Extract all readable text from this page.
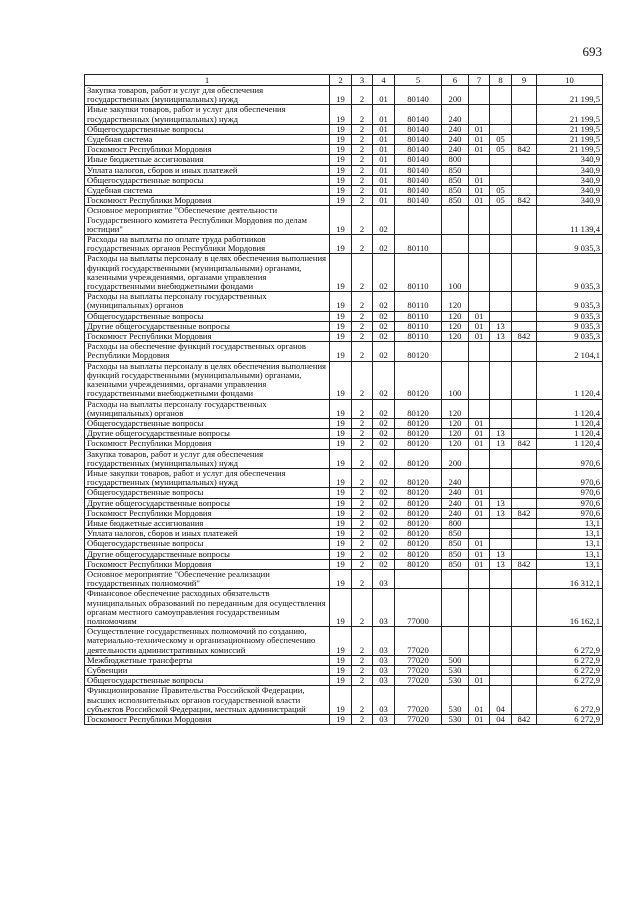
693
1	2	3	4	5	6	7	8	9	10
Закупка товаров, работ и услуг для обеспечения государственных (муниципальных) нужд	19	2	01	80140	200				21 199,5
Иные закупки товаров, работ и услуг для обеспечения государственных (муниципальных) нужд	19	2	01	80140	240				21 199,5
Общегосударственные вопросы	19	2	01	80140	240	01			21 199,5
Судебная система	19	2	01	80140	240	01	05		21 199,5
Госкомюст Республики Мордовия	19	2	01	80140	240	01	05	842	21 199,5
Иные бюджетные ассигнования	19	2	01	80140	800				340,9
Уплата налогов, сборов и иных платежей	19	2	01	80140	850				340,9
Общегосударственные вопросы	19	2	01	80140	850	01			340,9
Судебная система	19	2	01	80140	850	01	05		340,9
Госкомюст Республики Мордовия	19	2	01	80140	850	01	05	842	340,9
Основное мероприятие "Обеспечение деятельности Государственного комитета Республики Мордовия по делам юстиции"	19	2	02						11 139,4
Расходы на выплаты по оплате труда работников государственных органов Республики Мордовия	19	2	02	80110					9 035,3
Расходы на выплаты персоналу в целях обеспечения выполнения функций государственными (муниципальными) органами, казенными учреждениями, органами управления государственными внебюджетными фондами	19	2	02	80110	100				9 035,3
Расходы на выплаты персоналу государственных (муниципальных) органов	19	2	02	80110	120				9 035,3
Общегосударственные вопросы	19	2	02	80110	120	01			9 035,3
Другие общегосударственные вопросы	19	2	02	80110	120	01	13		9 035,3
Госкомюст Республики Мордовия	19	2	02	80110	120	01	13	842	9 035,3
Расходы на обеспечение функций государственных органов Республики Мордовия	19	2	02	80120					2 104,1
Расходы на выплаты персоналу в целях обеспечения выполнения функций государственными (муниципальными) органами, казенными учреждениями, органами управления государственными внебюджетными фондами	19	2	02	80120	100				1 120,4
Расходы на выплаты персоналу государственных (муниципальных) органов	19	2	02	80120	120				1 120,4
Общегосударственные вопросы	19	2	02	80120	120	01			1 120,4
Другие общегосударственные вопросы	19	2	02	80120	120	01	13		1 120,4
Госкомюст Республики Мордовия	19	2	02	80120	120	01	13	842	1 120,4
Закупка товаров, работ и услуг для обеспечения государственных (муниципальных) нужд	19	2	02	80120	200				970,6
Иные закупки товаров, работ и услуг для обеспечения государственных (муниципальных) нужд	19	2	02	80120	240				970,6
Общегосударственные вопросы	19	2	02	80120	240	01			970,6
Другие общегосударственные вопросы	19	2	02	80120	240	01	13		970,6
Госкомюст Республики Мордовия	19	2	02	80120	240	01	13	842	970,6
Иные бюджетные ассигнования	19	2	02	80120	800				13,1
Уплата налогов, сборов и иных платежей	19	2	02	80120	850				13,1
Общегосударственные вопросы	19	2	02	80120	850	01			13,1
Другие общегосударственные вопросы	19	2	02	80120	850	01	13		13,1
Госкомюст Республики Мордовия	19	2	02	80120	850	01	13	842	13,1
Основное мероприятие "Обеспечение реализации государственных полномочий"	19	2	03						16 312,1
Финансовое обеспечение расходных обязательств муниципальных образований по переданным для осуществления органам местного самоуправления государственным полномочиям	19	2	03	77000					16 162,1
Осуществление государственных полномочий по созданию, материально-техническому и организационному обеспечению деятельности административных комиссий	19	2	03	77020					6 272,9
Межбюджетные трансферты	19	2	03	77020	500				6 272,9
Субвенции	19	2	03	77020	530				6 272,9
Общегосударственные вопросы	19	2	03	77020	530	01			6 272,9
Функционирование Правительства Российской Федерации, высших исполнительных органов государственной власти субъектов Российской Федерации, местных администраций	19	2	03	77020	530	01	04		6 272,9
Госкомюст Республики Мордовия	19	2	03	77020	530	01	04	842	6 272,9
